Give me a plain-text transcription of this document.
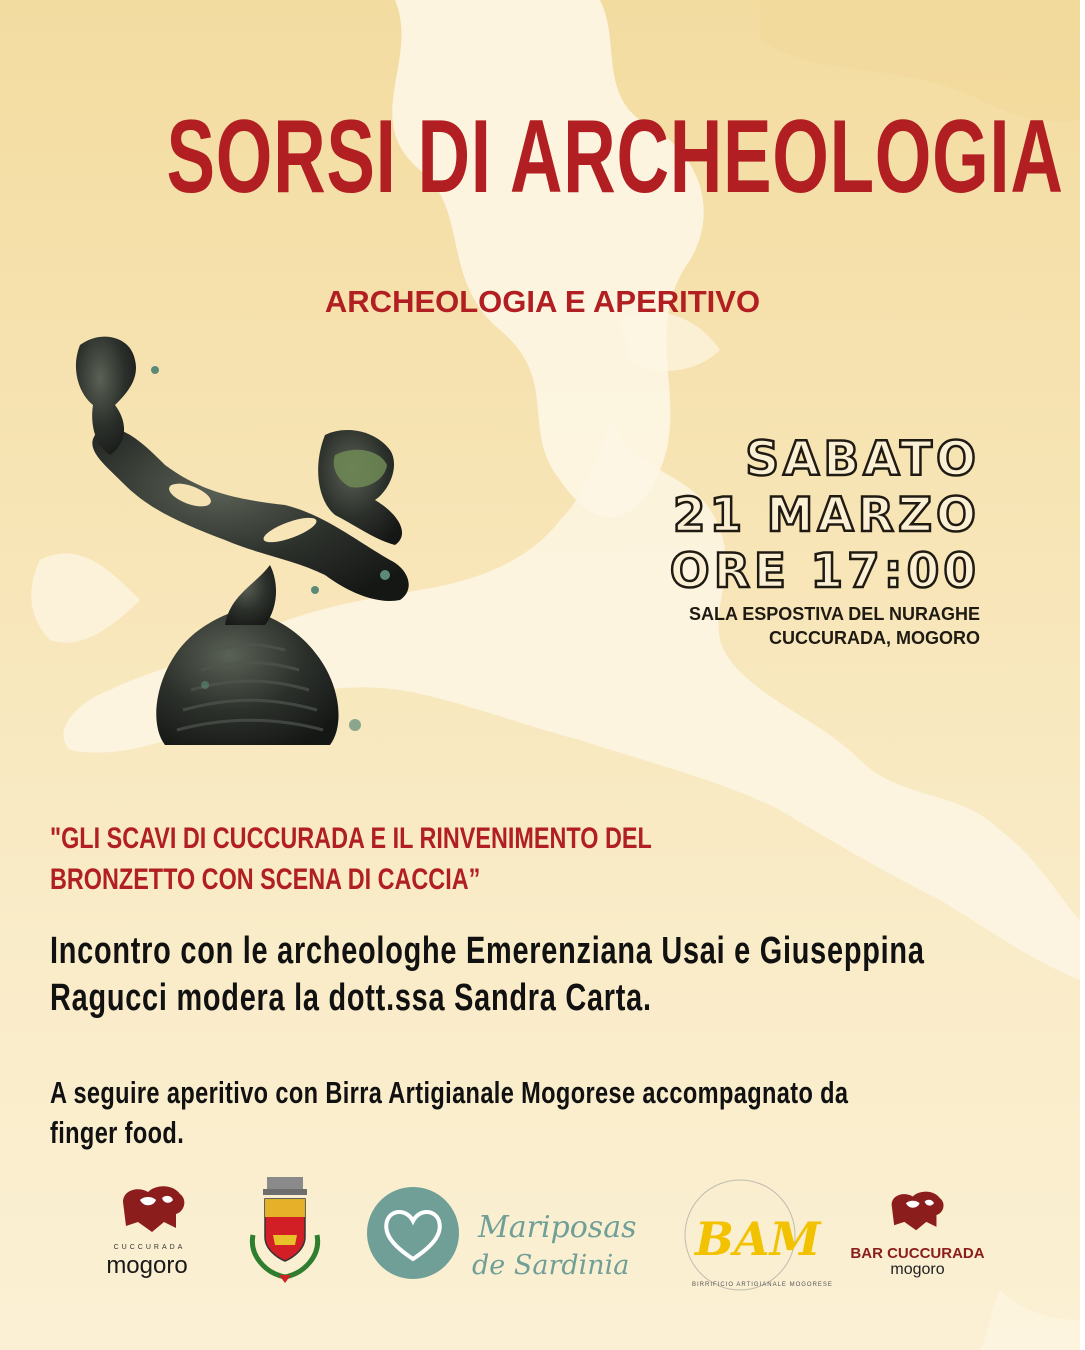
SORSI DI ARCHEOLOGIA
ARCHEOLOGIA E APERITIVO
SABATO
21 MARZO
ORE 17:00
SALA ESPOSTIVA DEL NURAGHE
CUCCURADA, MOGORO
"GLI SCAVI DI CUCCURADA E IL RINVENIMENTO DEL
BRONZETTO CON SCENA DI CACCIA”
Incontro con le archeologhe Emerenziana Usai e Giuseppina
Ragucci modera la dott.ssa Sandra Carta.
A seguire aperitivo con Birra Artigianale Mogorese accompagnato da
finger food.
CUCCURADA
mogoro
Mariposas
de Sardinia BAM
BIRRIFICIO ARTIGIANALE MOGORESE
BAR CUCCURADA
mogoro
